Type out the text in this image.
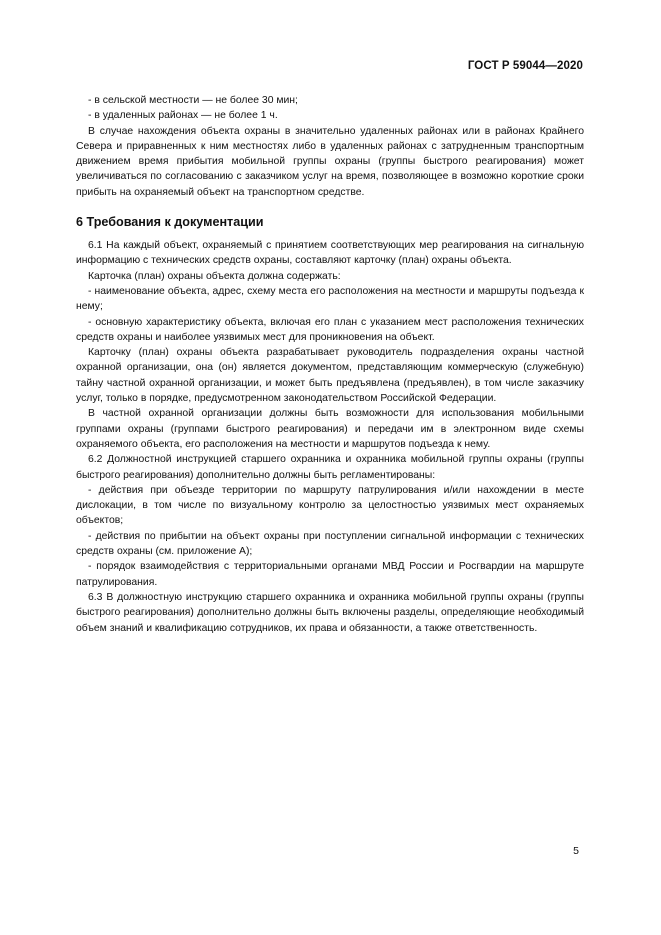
ГОСТ Р 59044—2020

- в сельской местности — не более 30 мин;

- в удаленных районах — не более 1 ч.

В случае нахождения объекта охраны в значительно удаленных районах или в районах Крайнего Севера и приравненных к ним местностях либо в удаленных районах с затрудненным транспортным движением время прибытия мобильной группы охраны (группы быстрого реагирования) может увеличиваться по согласованию с заказчиком услуг на время, позволяющее в возможно короткие сроки прибыть на охраняемый объект на транспортном средстве.

6 Требования к документации

6.1 На каждый объект, охраняемый с принятием соответствующих мер реагирования на сигнальную информацию с технических средств охраны, составляют карточку (план) охраны объекта.

Карточка (план) охраны объекта должна содержать:

- наименование объекта, адрес, схему места его расположения на местности и маршруты подъезда к нему;

- основную характеристику объекта, включая его план с указанием мест расположения технических средств охраны и наиболее уязвимых мест для проникновения на объект.

Карточку (план) охраны объекта разрабатывает руководитель подразделения охраны частной охранной организации, она (он) является документом, представляющим коммерческую (служебную) тайну частной охранной организации, и может быть предъявлена (предъявлен), в том числе заказчику услуг, только в порядке, предусмотренном законодательством Российской Федерации.

В частной охранной организации должны быть возможности для использования мобильными группами охраны (группами быстрого реагирования) и передачи им в электронном виде схемы охраняемого объекта, его расположения на местности и маршрутов подъезда к нему.

6.2 Должностной инструкцией старшего охранника и охранника мобильной группы охраны (группы быстрого реагирования) дополнительно должны быть регламентированы:

- действия при объезде территории по маршруту патрулирования и/или нахождении в месте дислокации, в том числе по визуальному контролю за целостностью уязвимых мест охраняемых объектов;

- действия по прибытии на объект охраны при поступлении сигнальной информации с технических средств охраны (см. приложение А);

- порядок взаимодействия с территориальными органами МВД России и Росгвардии на маршруте патрулирования.

6.3 В должностную инструкцию старшего охранника и охранника мобильной группы охраны (группы быстрого реагирования) дополнительно должны быть включены разделы, определяющие необходимый объем знаний и квалификацию сотрудников, их права и обязанности, а также ответственность.

5
